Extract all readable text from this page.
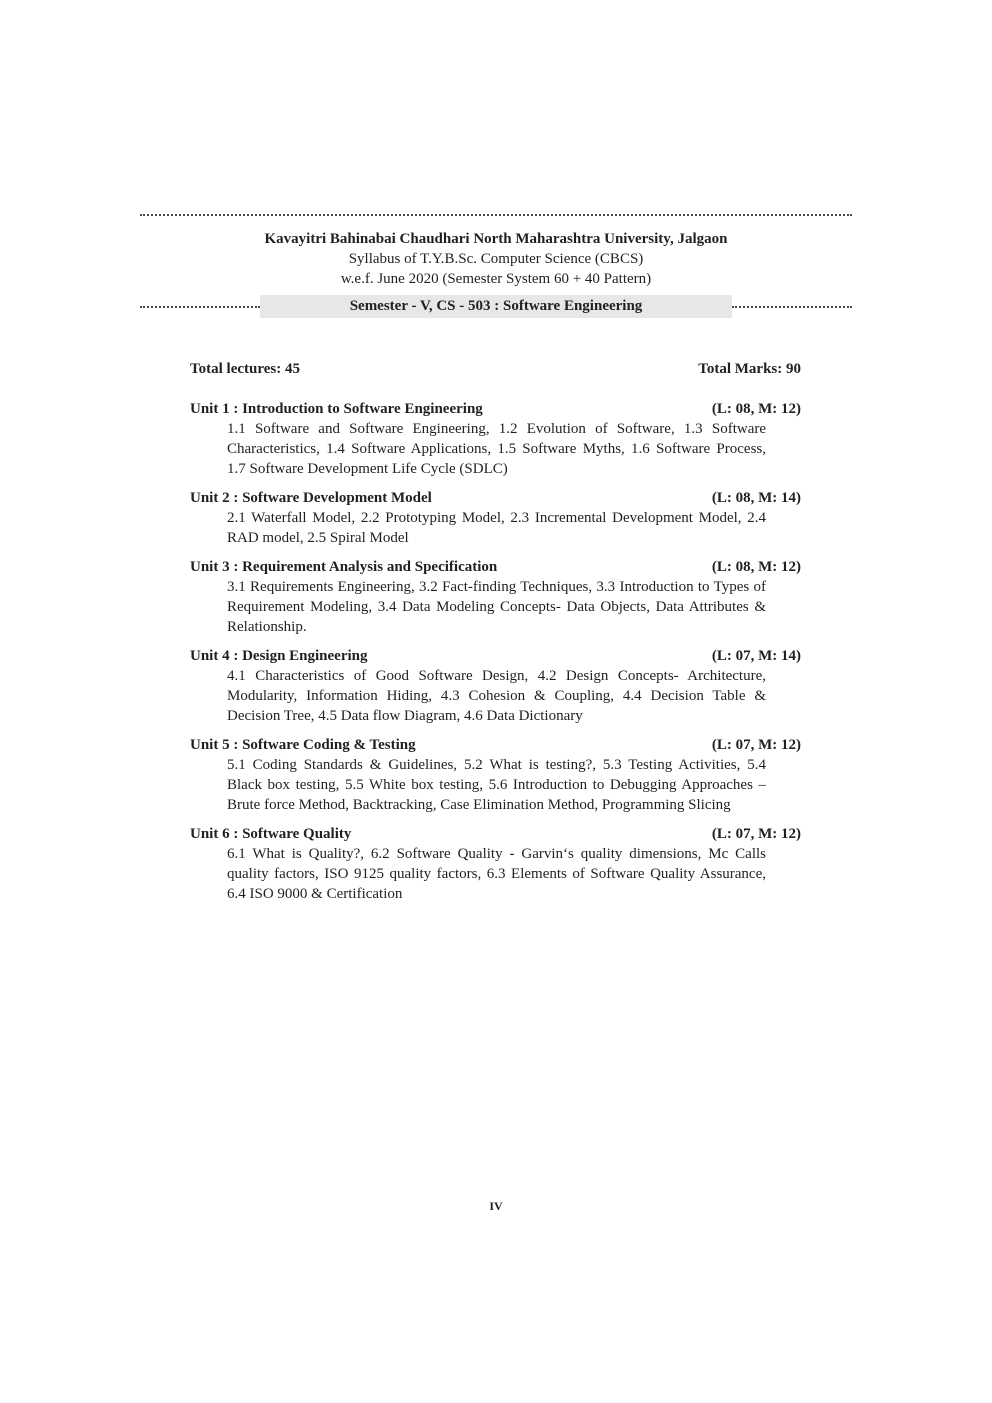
Kavayitri Bahinabai Chaudhari North Maharashtra University, Jalgaon
Syllabus of T.Y.B.Sc. Computer Science (CBCS)
w.e.f. June 2020 (Semester System 60 + 40 Pattern)
Semester - V, CS - 503 : Software Engineering
Total lectures: 45	Total Marks: 90
Unit 1 : Introduction to Software Engineering	(L: 08, M: 12)
1.1 Software and Software Engineering, 1.2 Evolution of Software, 1.3 Software Characteristics, 1.4 Software Applications, 1.5 Software Myths, 1.6 Software Process, 1.7 Software Development Life Cycle (SDLC)
Unit 2 : Software Development Model	(L: 08, M: 14)
2.1 Waterfall Model, 2.2 Prototyping Model, 2.3 Incremental Development Model, 2.4 RAD model, 2.5 Spiral Model
Unit 3 : Requirement Analysis and Specification	(L: 08, M: 12)
3.1 Requirements Engineering, 3.2 Fact-finding Techniques, 3.3 Introduction to Types of Requirement Modeling, 3.4 Data Modeling Concepts- Data Objects, Data Attributes & Relationship.
Unit 4 : Design Engineering	(L: 07, M: 14)
4.1 Characteristics of Good Software Design, 4.2 Design Concepts- Architecture, Modularity, Information Hiding, 4.3 Cohesion & Coupling, 4.4 Decision Table & Decision Tree, 4.5 Data flow Diagram, 4.6 Data Dictionary
Unit 5 : Software Coding & Testing	(L: 07, M: 12)
5.1 Coding Standards & Guidelines, 5.2 What is testing?, 5.3 Testing Activities, 5.4 Black box testing, 5.5 White box testing, 5.6 Introduction to Debugging Approaches – Brute force Method, Backtracking, Case Elimination Method, Programming Slicing
Unit 6 : Software Quality	(L: 07, M: 12)
6.1 What is Quality?, 6.2 Software Quality - Garvin‘s quality dimensions, Mc Calls quality factors, ISO 9125 quality factors, 6.3 Elements of Software Quality Assurance, 6.4 ISO 9000 & Certification
IV
